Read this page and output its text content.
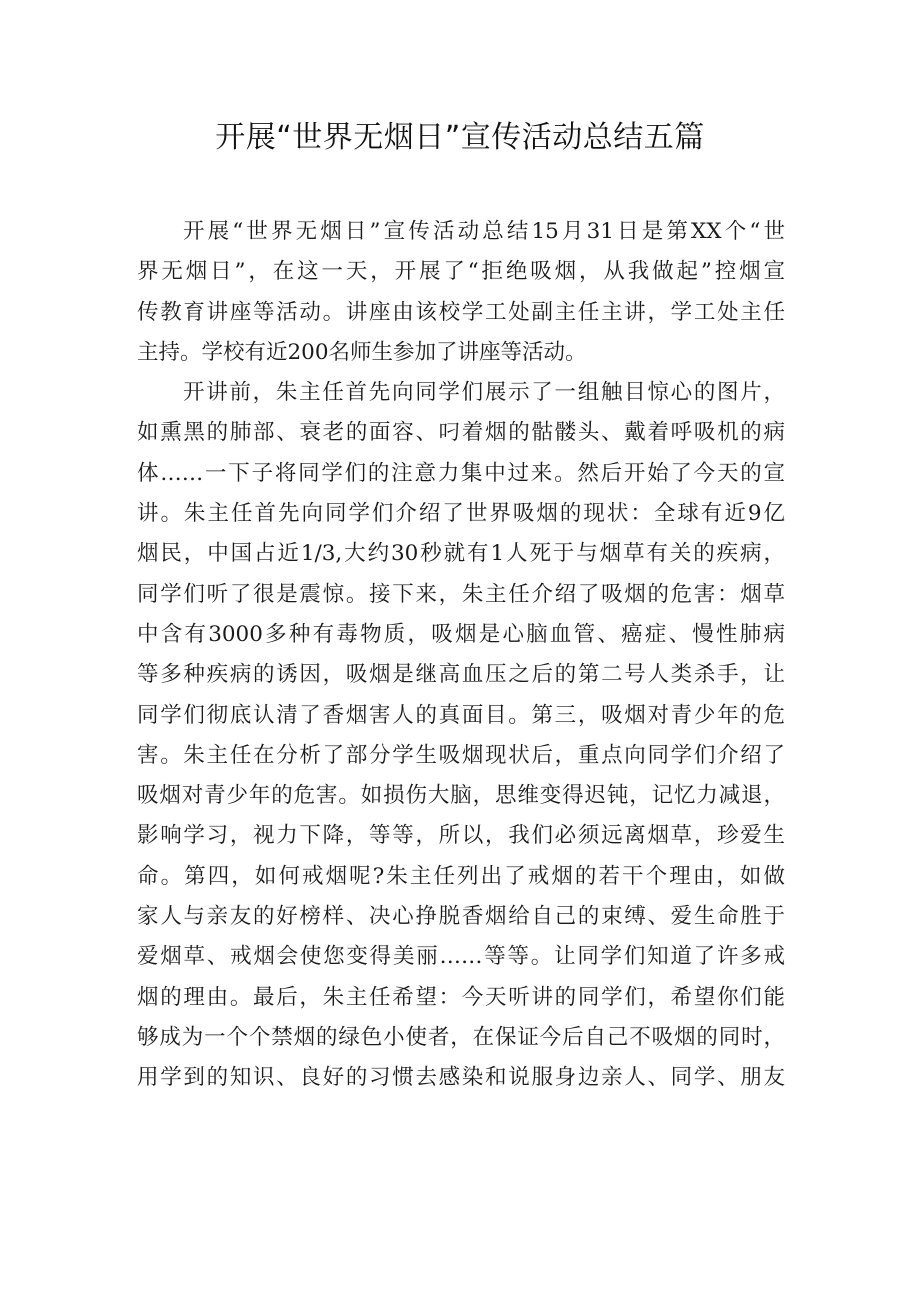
开展“世界无烟日”宣传活动总结五篇
开展“世界无烟日”宣传活动总结15月31日是第XX个“世
界无烟日”，在这一天，开展了“拒绝吸烟，从我做起”控烟宣
传教育讲座等活动。讲座由该校学工处副主任主讲，学工处主任
主持。学校有近200名师生参加了讲座等活动。
开讲前，朱主任首先向同学们展示了一组触目惊心的图片，
如熏黑的肺部、衰老的面容、叼着烟的骷髅头、戴着呼吸机的病
体……一下子将同学们的注意力集中过来。然后开始了今天的宣
讲。朱主任首先向同学们介绍了世界吸烟的现状：全球有近9亿
烟民，中国占近1/3,大约30秒就有1人死于与烟草有关的疾病，
同学们听了很是震惊。接下来，朱主任介绍了吸烟的危害：烟草
中含有3000多种有毒物质，吸烟是心脑血管、癌症、慢性肺病
等多种疾病的诱因，吸烟是继高血压之后的第二号人类杀手，让
同学们彻底认清了香烟害人的真面目。第三，吸烟对青少年的危
害。朱主任在分析了部分学生吸烟现状后，重点向同学们介绍了
吸烟对青少年的危害。如损伤大脑，思维变得迟钝，记忆力减退，
影响学习，视力下降，等等，所以，我们必须远离烟草，珍爱生
命。第四，如何戒烟呢?朱主任列出了戒烟的若干个理由，如做
家人与亲友的好榜样、决心挣脱香烟给自己的束缚、爱生命胜于
爱烟草、戒烟会使您变得美丽……等等。让同学们知道了许多戒
烟的理由。最后，朱主任希望：今天听讲的同学们，希望你们能
够成为一个个禁烟的绿色小使者，在保证今后自己不吸烟的同时，
用学到的知识、良好的习惯去感染和说服身边亲人、同学、朋友
